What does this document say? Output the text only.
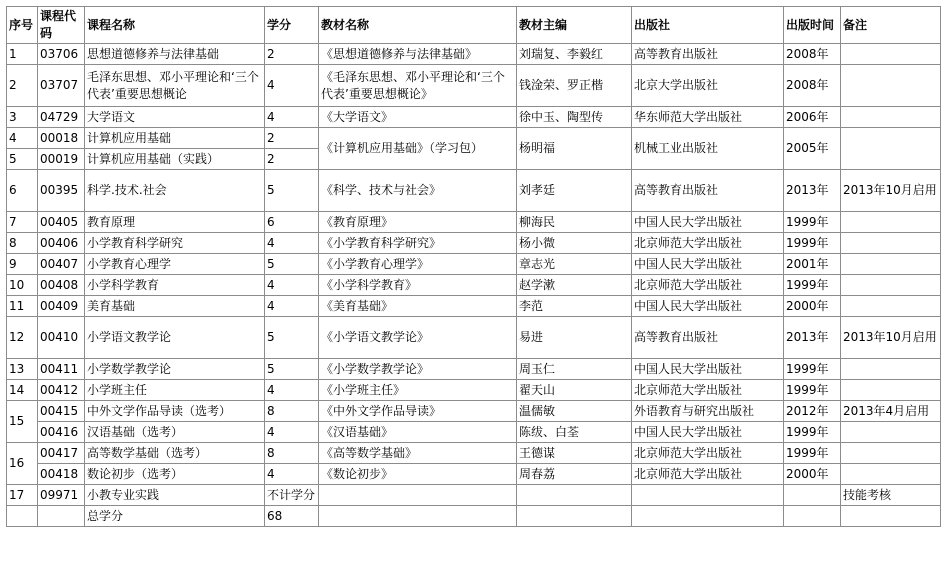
序号	课程代码	课程名称	学分	教材名称	教材主编	出版社	出版时间	备注
1	03706	思想道德修养与法律基础	2	《思想道德修养与法律基础》	刘瑞复、李毅红	高等教育出版社	2008年	
2	03707	毛泽东思想、邓小平理论和‘三个代表’重要思想概论	4	《毛泽东思想、邓小平理论和‘三个代表’重要思想概论》	钱淦荣、罗正楷	北京大学出版社	2008年	
3	04729	大学语文	4	《大学语文》	徐中玉、陶型传	华东师范大学出版社	2006年	
4	00018	计算机应用基础	2	《计算机应用基础》（学习包）	杨明福	机械工业出版社	2005年	
5	00019	计算机应用基础（实践）	2					
6	00395	科学.技术.社会	5	《科学、技术与社会》	刘孝廷	高等教育出版社	2013年	2013年10月启用
7	00405	教育原理	6	《教育原理》	柳海民	中国人民大学出版社	1999年	
8	00406	小学教育科学研究	4	《小学教育科学研究》	杨小微	北京师范大学出版社	1999年	
9	00407	小学教育心理学	5	《小学教育心理学》	章志光	中国人民大学出版社	2001年	
10	00408	小学科学教育	4	《小学科学教育》	赵学漱	北京师范大学出版社	1999年	
11	00409	美育基础	4	《美育基础》	李范	中国人民大学出版社	2000年	
12	00410	小学语文教学论	5	《小学语文教学论》	易进	高等教育出版社	2013年	2013年10月启用
13	00411	小学数学教学论	5	《小学数学教学论》	周玉仁	中国人民大学出版社	1999年	
14	00412	小学班主任	4	《小学班主任》	翟天山	北京师范大学出版社	1999年	
15	00415	中外文学作品导读（选考）	8	《中外文学作品导读》	温儒敏	外语教育与研究出版社	2012年	2013年4月启用
	00416	汉语基础（选考）	4	《汉语基础》	陈绂、白荃	中国人民大学出版社	1999年	
16	00417	高等数学基础（选考）	8	《高等数学基础》	王德谋	北京师范大学出版社	1999年	
	00418	数论初步（选考）	4	《数论初步》	周春荔	北京师范大学出版社	2000年	
17	09971	小教专业实践	不计学分					技能考核
		总学分	68					
